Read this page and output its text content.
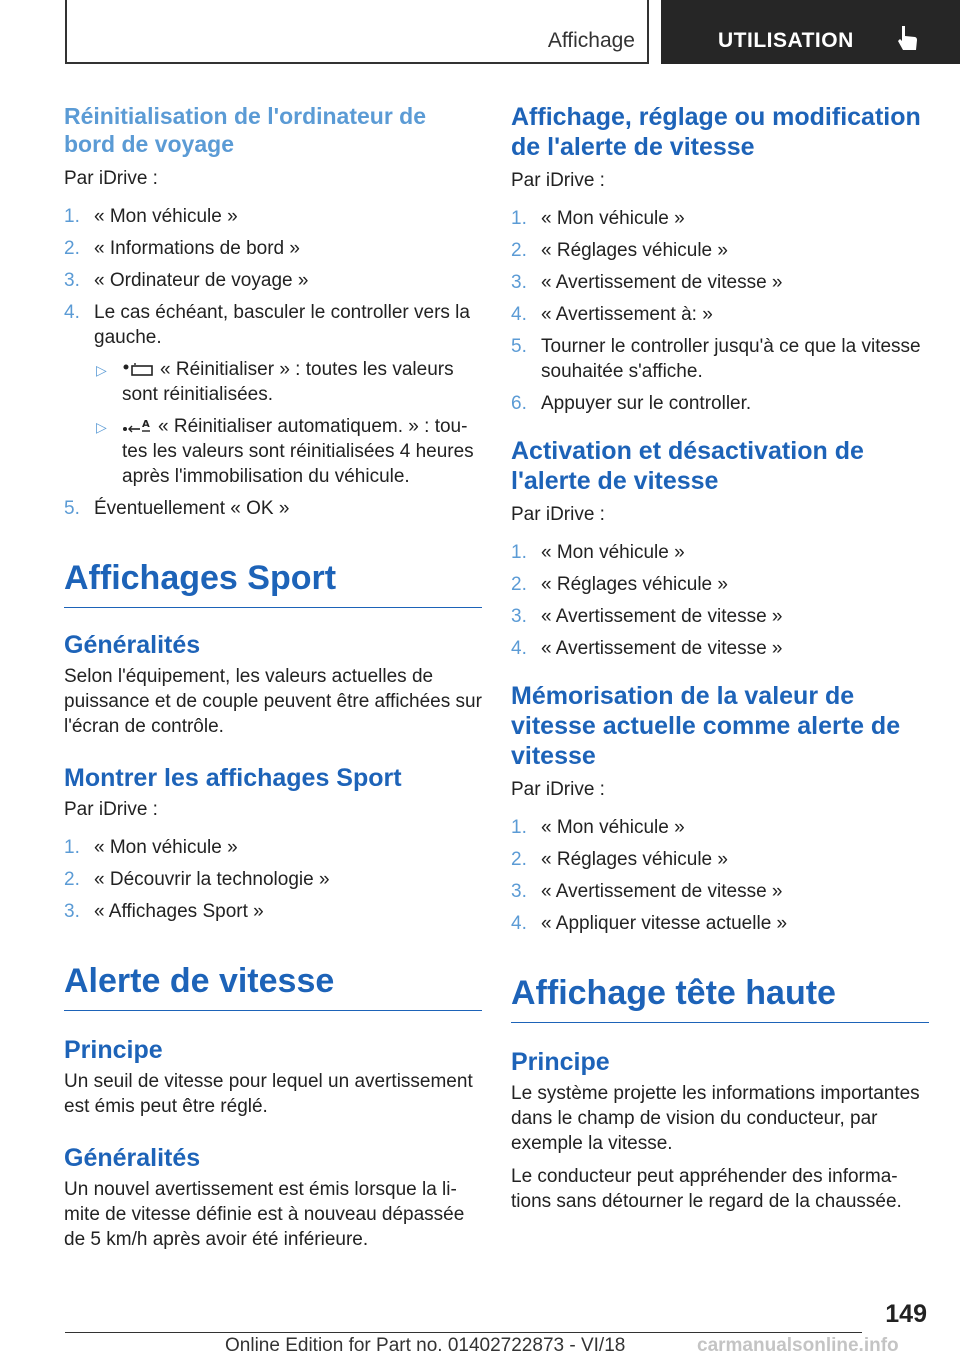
Affichage	UTILISATION
Réinitialisation de l'ordinateur de bord de voyage

Par iDrive :

1. « Mon véhicule »
2. « Informations de bord »
3. « Ordinateur de voyage »
4. Le cas échéant, basculer le controller vers la gauche.
▷	« Réinitialiser » : toutes les valeurs sont réinitialisées.
▷	A « Réinitialiser automatiquem. » : toutes les valeurs sont réinitialisées 4 heures après l'immobilisation du véhicule.
5. Éventuellement « OK »
Affichages Sport
Généralités

Selon l'équipement, les valeurs actuelles de puissance et de couple peuvent être affichées sur l'écran de contrôle.

Montrer les affichages Sport

Par iDrive :

1. « Mon véhicule »
2. « Découvrir la technologie »
3. « Affichages Sport »
Alerte de vitesse
Principe

Un seuil de vitesse pour lequel un avertissement est émis peut être réglé.

Généralités

Un nouvel avertissement est émis lorsque la limite de vitesse définie est à nouveau dépassée de 5 km/h après avoir été inférieure.

Affichage, réglage ou modification de l'alerte de vitesse

Par iDrive :

1. « Mon véhicule »
2. « Réglages véhicule »
3. « Avertissement de vitesse »
4. « Avertissement à: »
5. Tourner le controller jusqu'à ce que la vitesse souhaitée s'affiche.
6. Appuyer sur le controller.
Activation et désactivation de l'alerte de vitesse

Par iDrive :

1. « Mon véhicule »
2. « Réglages véhicule »
3. « Avertissement de vitesse »
4. « Avertissement de vitesse »
Mémorisation de la valeur de vitesse actuelle comme alerte de vitesse

Par iDrive :

1. « Mon véhicule »
2. « Réglages véhicule »
3. « Avertissement de vitesse »
4. « Appliquer vitesse actuelle »
Affichage tête haute
Principe

Le système projette les informations importantes dans le champ de vision du conducteur, par exemple la vitesse.

Le conducteur peut appréhender des informations sans détourner le regard de la chaussée.

149
Online Edition for Part no. 01402722873 - VI/18	carmanualsonline.info
